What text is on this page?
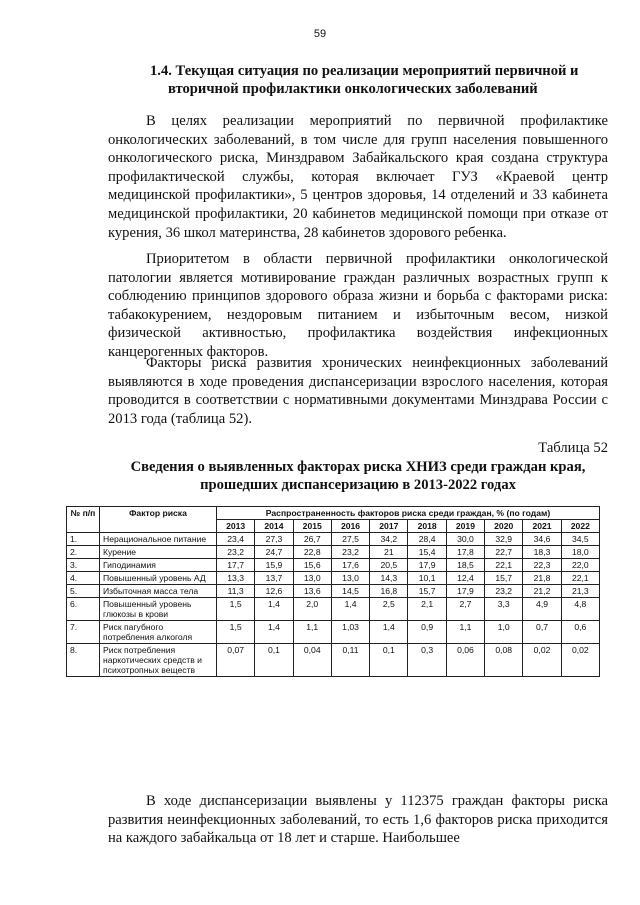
59
1.4. Текущая ситуация по реализации мероприятий первичной и
вторичной профилактики онкологических заболеваний

В целях реализации мероприятий по первичной профилактике онкологических заболеваний, в том числе для групп населения повышенного онкологического риска, Минздравом Забайкальского края создана структура профилактической службы, которая включает ГУЗ «Краевой центр медицинской профилактики», 5 центров здоровья, 14 отделений и 33 кабинета медицинской профилактики, 20 кабинетов медицинской помощи при отказе от курения, 36 школ материнства, 28 кабинетов здорового ребенка.

Приоритетом в области первичной профилактики онкологической патологии является мотивирование граждан различных возрастных групп к соблюдению принципов здорового образа жизни и борьба с факторами риска: табакокурением, нездоровым питанием и избыточным весом, низкой физической активностью, профилактика воздействия инфекционных канцерогенных факторов.

Факторы риска развития хронических неинфекционных заболеваний выявляются в ходе проведения диспансеризации взрослого населения, которая проводится в соответствии с нормативными документами Минздрава России с 2013 года (таблица 52).

Таблица 52
Сведения о выявленных факторах риска ХНИЗ среди граждан края,
прошедших диспансеризацию в 2013-2022 годах
№ п/п	Фактор риска	Распространенность факторов риска среди граждан, % (по годам)									
		2013	2014	2015	2016	2017	2018	2019	2020	2021	2022
1.	Нерациональное питание	23,4	27,3	26,7	27,5	34,2	28,4	30,0	32,9	34,6	34,5
2.	Курение	23,2	24,7	22,8	23,2	21	15,4	17,8	22,7	18,3	18,0
3.	Гиподинамия	17,7	15,9	15,6	17,6	20,5	17,9	18,5	22,1	22,3	22,0
4.	Повышенный уровень АД	13,3	13,7	13,0	13,0	14,3	10,1	12,4	15,7	21,8	22,1
5.	Избыточная масса тела	11,3	12,6	13,6	14,5	16,8	15,7	17,9	23,2	21,2	21,3
6.	Повышенный уровень глюкозы в крови	1,5	1,4	2,0	1,4	2,5	2,1	2,7	3,3	4,9	4,8
7.	Риск пагубного потребления алкоголя	1,5	1,4	1,1	1,03	1,4	0,9	1,1	1,0	0,7	0,6
8.	Риск потребления наркотических средств и психотропных веществ	0,07	0,1	0,04	0,11	0,1	0,3	0,06	0,08	0,02	0,02

В ходе диспансеризации выявлены у 112375 граждан факторы риска развития неинфекционных заболеваний, то есть 1,6 факторов риска приходится на каждого забайкальца от 18 лет и старше. Наибольшее
